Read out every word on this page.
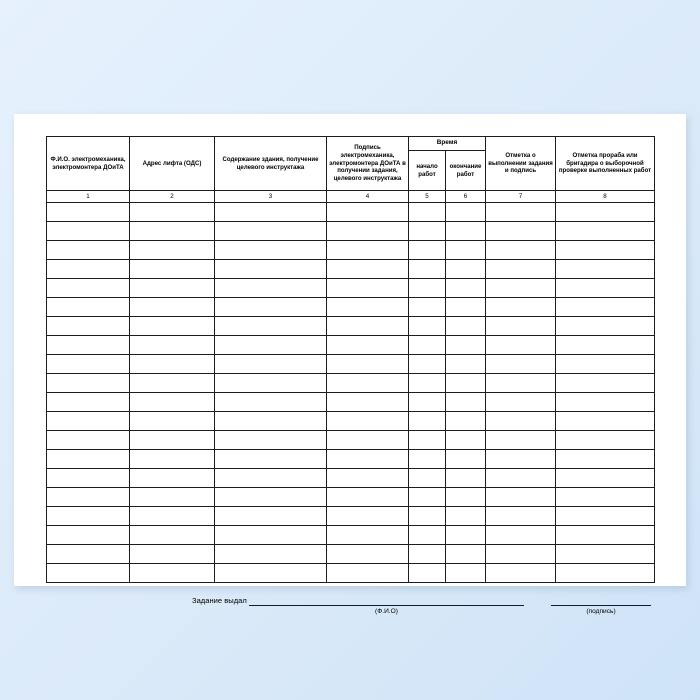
Ф.И.О. электромеханика, электромонтера ДОиТА	Адрес лифта (ОДС)	Содержание здания, получение целевого инструктажа	Подпись электромеханика, электромонтера ДОиТА в получении задания, целевого инструктажа	Время		Отметка о выполнении задания и подпись	Отметка прораба или бригадира о выборочной проверке выполненных работ
				начало работ	окончание работ		
1	2	3	4	5	6	7	8

Задание выдал
(Ф.И.О)	(подпись)
